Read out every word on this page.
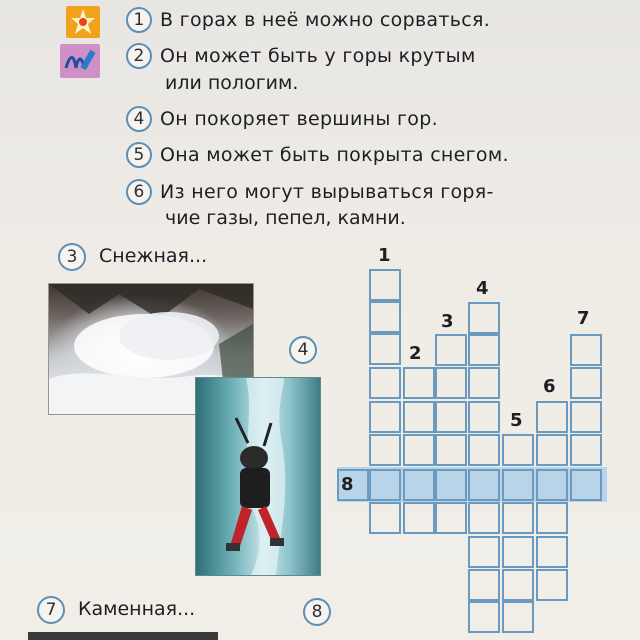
1 В горах в неё можно сорваться.
2 Он может быть у горы крутым
или пологим.
4 Он покоряет вершины гор.
5 Она может быть покрыта снегом.
6 Из него могут вырываться горя-
чие газы, пепел, камни.
3	Снежная...
4
7	Каменная...	8
1
2
3
4
5
6
7
8
